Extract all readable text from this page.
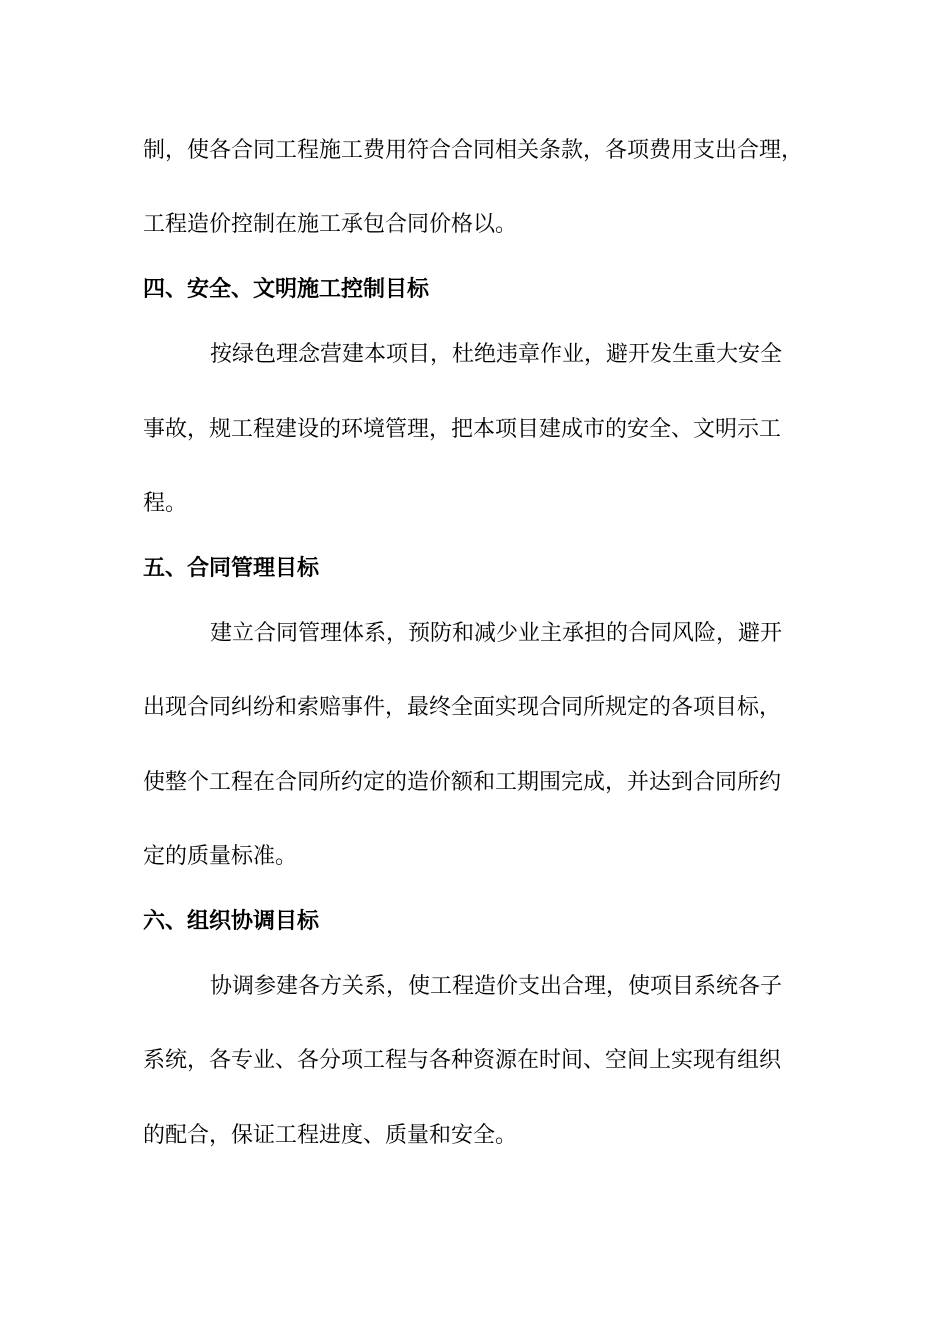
制，使各合同工程施工费用符合合同相关条款，各项费用支出合理，
工程造价控制在施工承包合同价格以。
四、安全、文明施工控制目标
按绿色理念营建本项目，杜绝违章作业，避开发生重大安全
事故，规工程建设的环境管理，把本项目建成市的安全、文明示工
程。
五、合同管理目标
建立合同管理体系，预防和减少业主承担的合同风险，避开
出现合同纠纷和索赔事件，最终全面实现合同所规定的各项目标，
使整个工程在合同所约定的造价额和工期围完成，并达到合同所约
定的质量标准。
六、组织协调目标
协调参建各方关系，使工程造价支出合理，使项目系统各子
系统，各专业、各分项工程与各种资源在时间、空间上实现有组织
的配合，保证工程进度、质量和安全。
